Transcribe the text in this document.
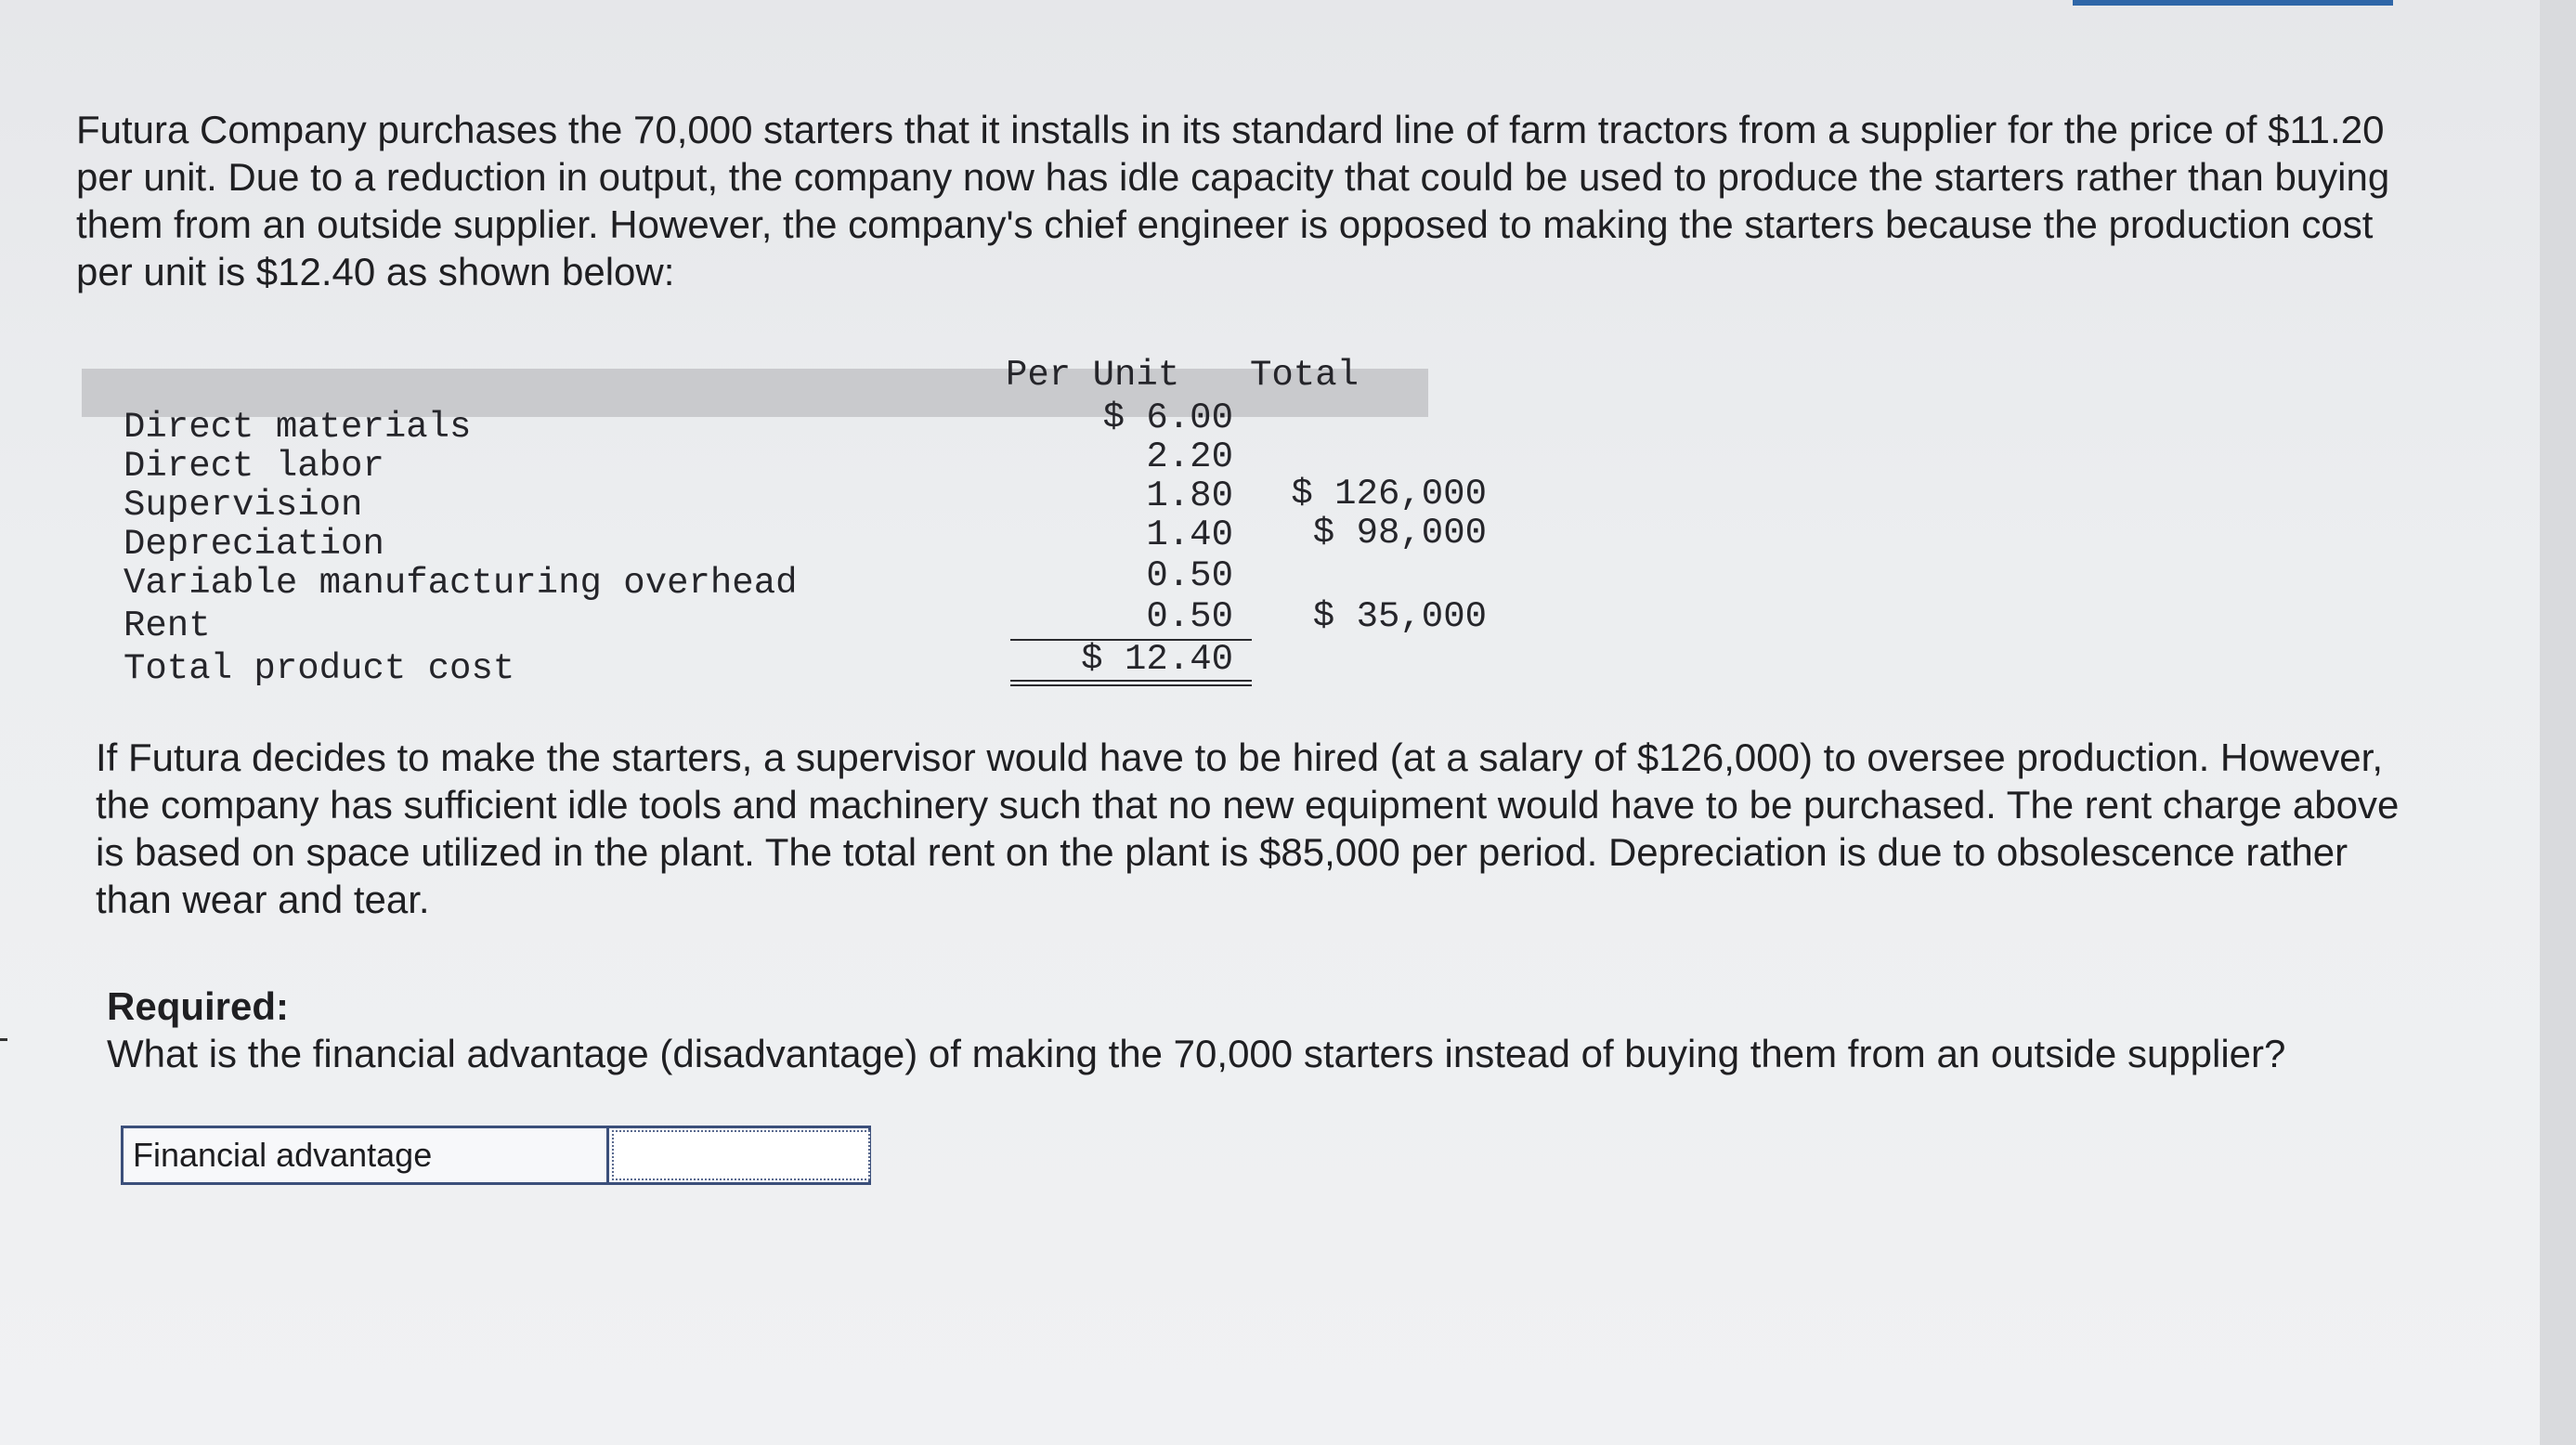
Futura Company purchases the 70,000 starters that it installs in its standard line of farm tractors from a supplier for the price of $11.20 per unit. Due to a reduction in output, the company now has idle capacity that could be used to produce the starters rather than buying them from an outside supplier. However, the company's chief engineer is opposed to making the starters because the production cost per unit is $12.40 as shown below:
Per Unit Total
Direct materials
Direct labor
Supervision
Depreciation
Variable manufacturing overhead
Rent
Total product cost
$ 6.00
2.20
1.80
1.40
0.50
0.50
$ 12.40
$ 126,000
$ 98,000
$ 35,000
If Futura decides to make the starters, a supervisor would have to be hired (at a salary of $126,000) to oversee production. However, the company has sufficient idle tools and machinery such that no new equipment would have to be purchased. The rent charge above is based on space utilized in the plant. The total rent on the plant is $85,000 per period. Depreciation is due to obsolescence rather than wear and tear.
Required:
What is the financial advantage (disadvantage) of making the 70,000 starters instead of buying them from an outside supplier?
Financial advantage
